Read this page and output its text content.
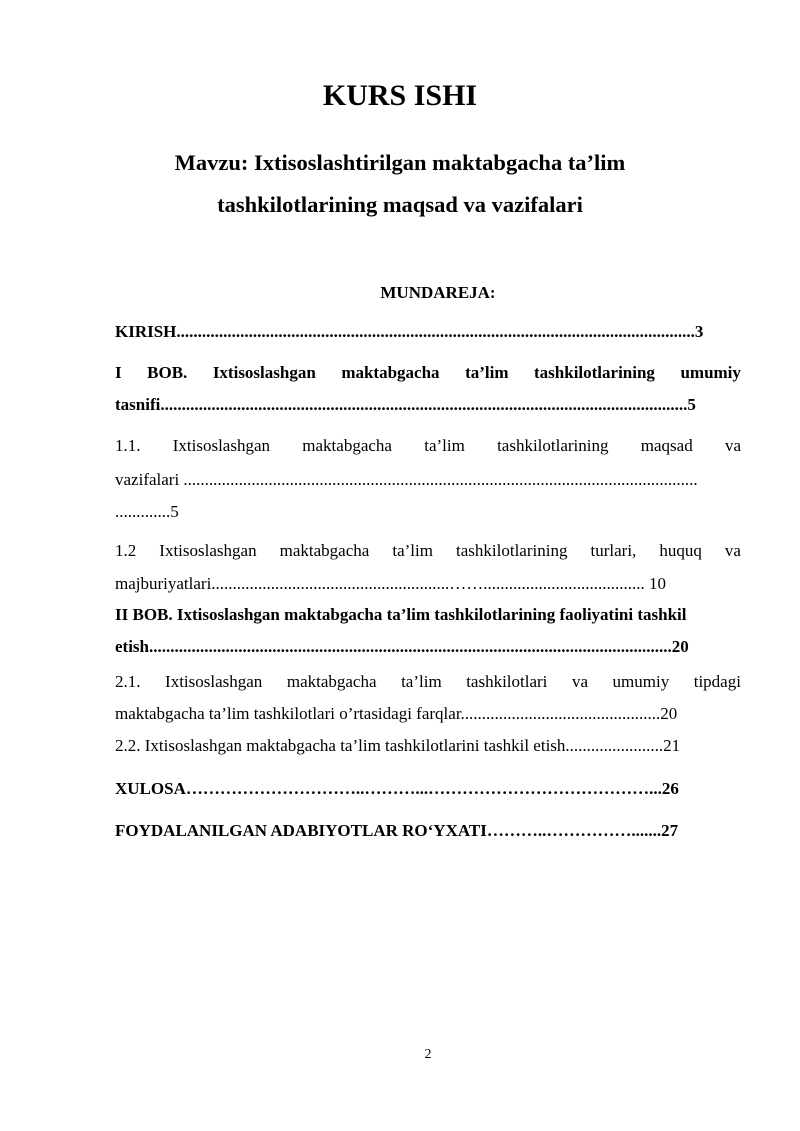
KURS ISHI
Mavzu: Ixtisoslashtirilgan maktabgacha ta’lim
tashkilotlarining maqsad va vazifalari
MUNDAREJA:
KIRISH..........................................................................................................................3
I BOB. Ixtisoslashgan maktabgacha ta’lim tashkilotlarining umumiy
tasnifi............................................................................................................................5
1.1. Ixtisoslashgan maktabgacha ta’lim tashkilotlarining maqsad va
vazifalari .........................................................................................................................
.............5
1.2 Ixtisoslashgan maktabgacha ta’lim tashkilotlarining turlari, huquq va
majburiyatlari........................................................……...................................... 10
II BOB. Ixtisoslashgan maktabgacha ta’lim tashkilotlarining faoliyatini tashkil
etish...........................................................................................................................20
2.1. Ixtisoslashgan maktabgacha ta’lim tashkilotlari va umumiy tipdagi
maktabgacha ta’lim tashkilotlari o’rtasidagi farqlar...............................................20
2.2. Ixtisoslashgan maktabgacha ta’lim tashkilotlarini tashkil etish.......................21
XULOSA…………………………..………...…………………………………...26
FOYDALANILGAN ADABIYOTLAR RO‘YXATI………..…………….......27
2
